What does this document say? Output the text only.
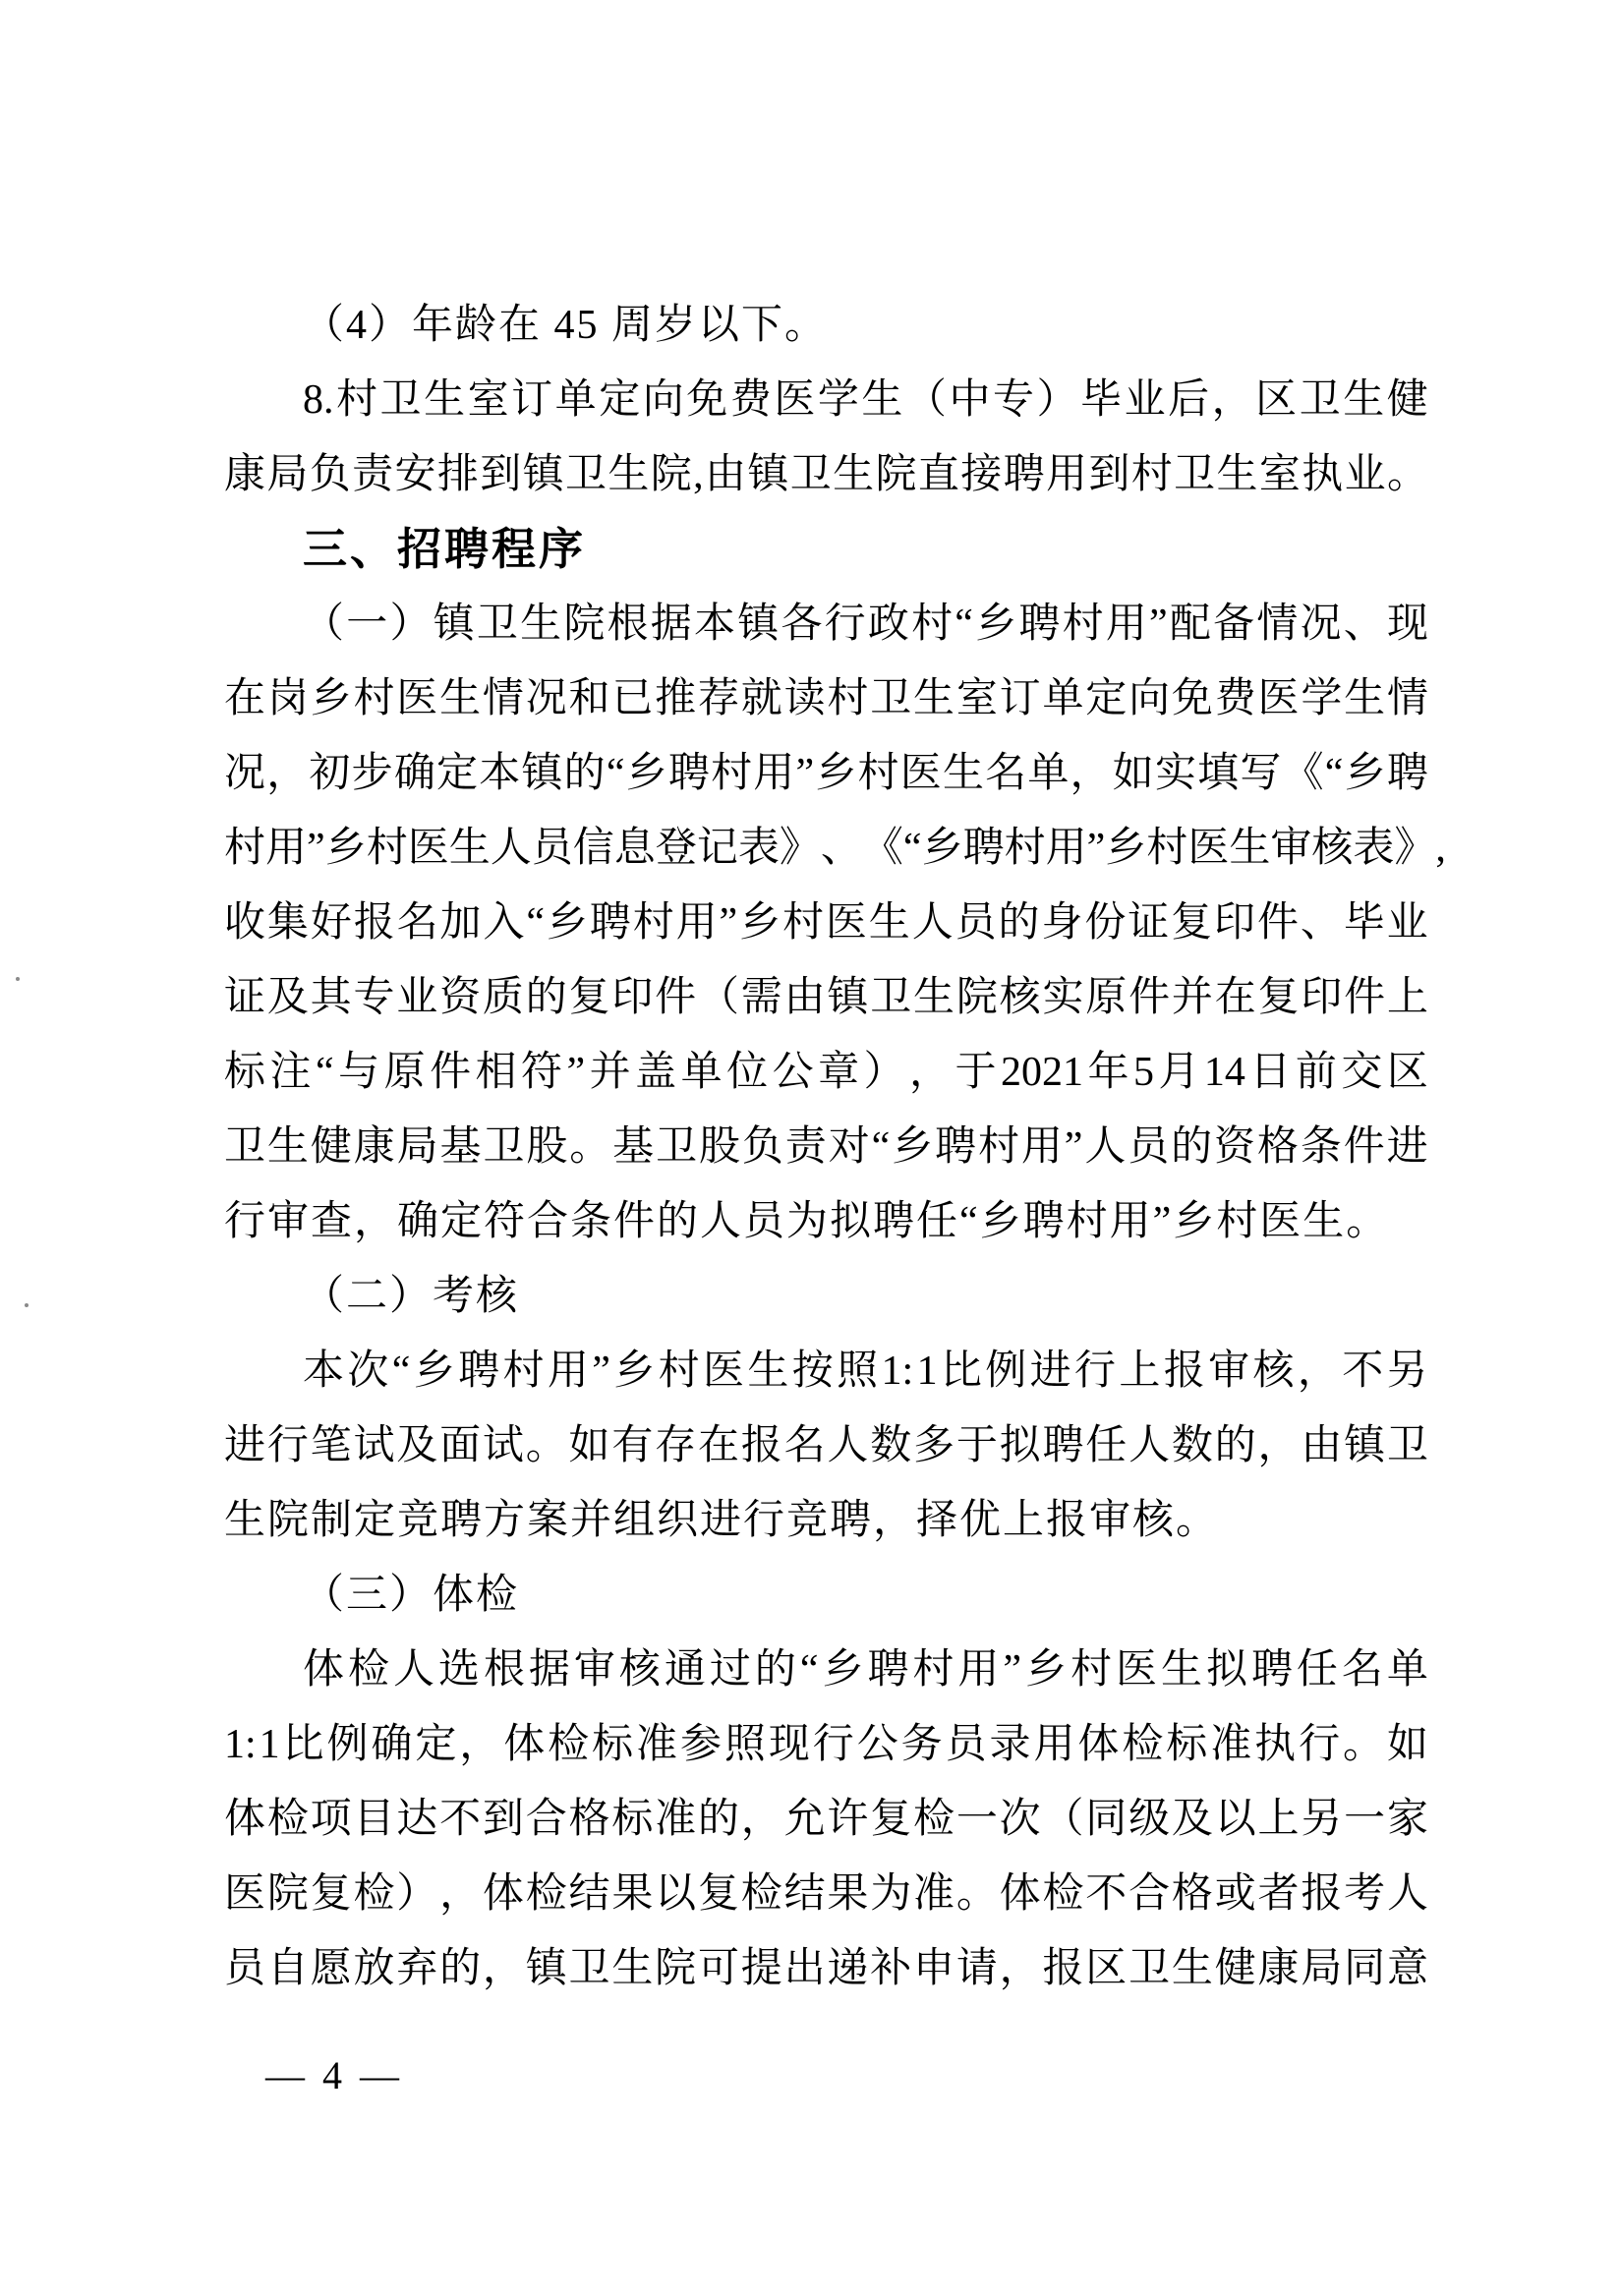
（4）年龄在 45 周岁以下。
8. 村 卫 生 室 订 单 定 向 免 费 医 学 生 （ 中 专 ） 毕 业 后 ， 区 卫 生 健
康 局 负 责 安 排 到 镇 卫 生 院 , 由 镇 卫 生 院 直 接 聘 用 到 村 卫 生 室 执 业 。
三、招聘程序
（ 一 ） 镇 卫 生 院 根 据 本 镇 各 行 政 村 “ 乡 聘 村 用 ” 配 备 情 况 、 现
在 岗 乡 村 医 生 情 况 和 已 推 荐 就 读 村 卫 生 室 订 单 定 向 免 费 医 学 生 情
况 ， 初 步 确 定 本 镇 的 “ 乡 聘 村 用 ” 乡 村 医 生 名 单 ， 如 实 填 写 《 “ 乡 聘
村 用 ” 乡 村 医 生 人 员 信 息 登 记 表 》 、 《 “ 乡 聘 村 用 ” 乡 村 医 生 审 核 表 》 ,
收 集 好 报 名 加 入 “ 乡 聘 村 用 ” 乡 村 医 生 人 员 的 身 份 证 复 印 件 、 毕 业
证 及 其 专 业 资 质 的 复 印 件 （ 需 由 镇 卫 生 院 核 实 原 件 并 在 复 印 件 上
标 注 “ 与 原 件 相 符 ” 并 盖 单 位 公 章 ） ， 于 2021 年 5 月 14 日 前 交 区
卫 生 健 康 局 基 卫 股 。 基 卫 股 负 责 对 “ 乡 聘 村 用 ” 人 员 的 资 格 条 件 进
行审查，确定符合条件的人员为拟聘任“乡聘村用”乡村医生。
（二）考核
本 次 “ 乡 聘 村 用 ” 乡 村 医 生 按 照 1: 1 比 例 进 行 上 报 审 核 ， 不 另
进 行 笔 试 及 面 试 。 如 有 存 在 报 名 人 数 多 于 拟 聘 任 人 数 的 ， 由 镇 卫
生院制定竞聘方案并组织进行竞聘，择优上报审核。
（三）体检
体 检 人 选 根 据 审 核 通 过 的 “ 乡 聘 村 用 ” 乡 村 医 生 拟 聘 任 名 单
1: 1 比 例 确 定 ， 体 检 标 准 参 照 现 行 公 务 员 录 用 体 检 标 准 执 行 。 如
体 检 项 目 达 不 到 合 格 标 准 的 ， 允 许 复 检 一 次 （ 同 级 及 以 上 另 一 家
医 院 复 检 ） ， 体 检 结 果 以 复 检 结 果 为 准 。 体 检 不 合 格 或 者 报 考 人
员 自 愿 放 弃 的 ， 镇 卫 生 院 可 提 出 递 补 申 请 ， 报 区 卫 生 健 康 局 同 意
— 4 —
